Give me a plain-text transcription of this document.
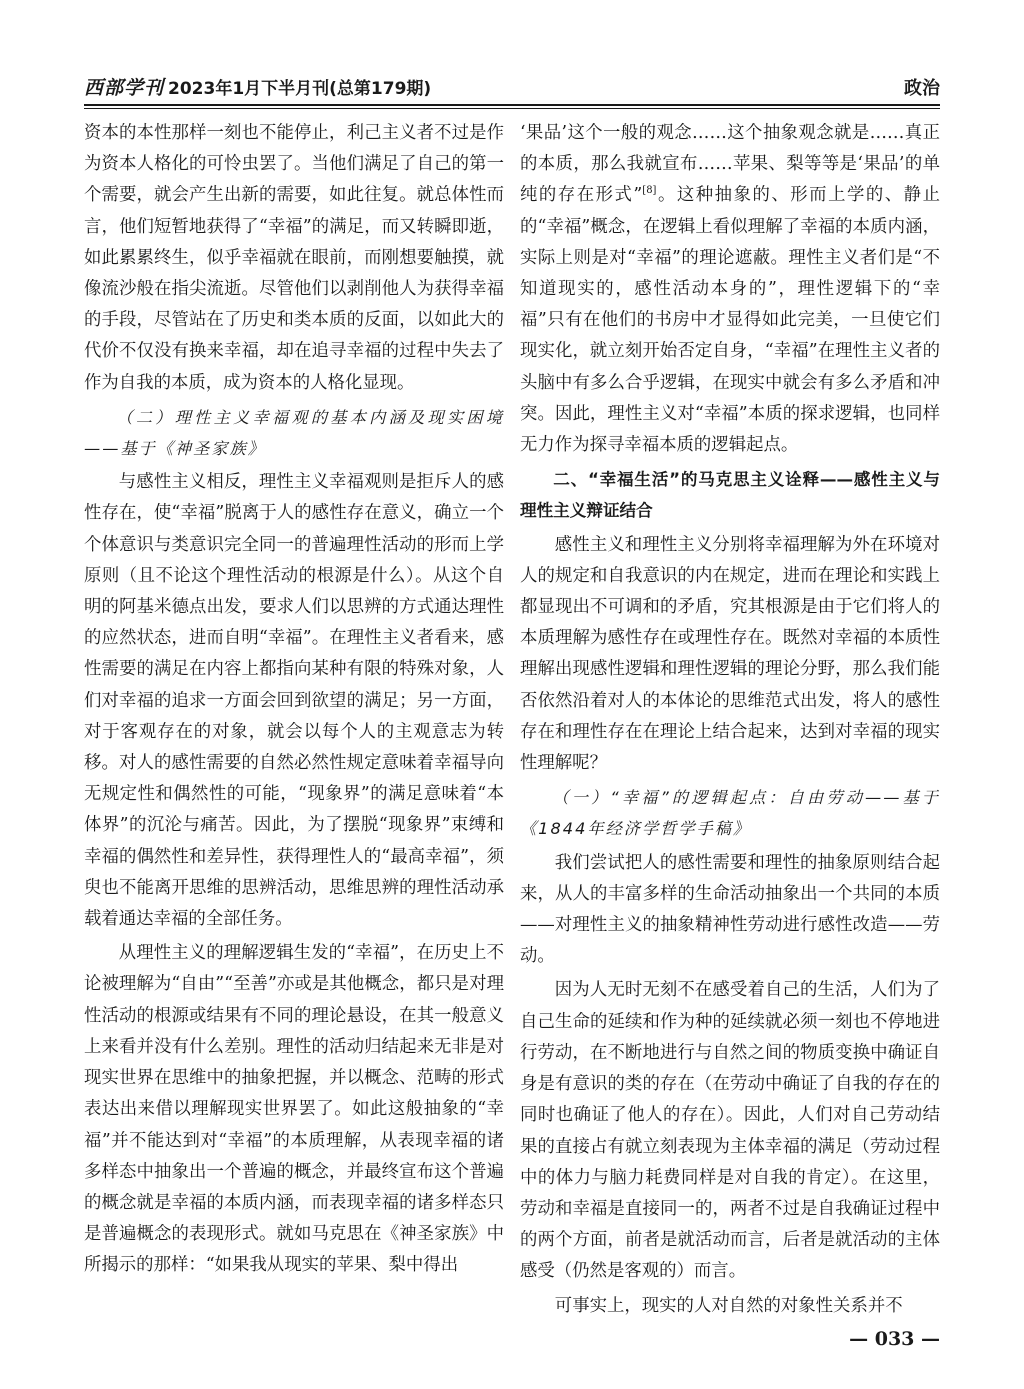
西部学刊 2023年1月下半月刊(总第179期)	政治

资本的本性那样一刻也不能停止，利己主义者不过是作为资本人格化的可怜虫罢了。当他们满足了自己的第一个需要，就会产生出新的需要，如此往复。就总体性而言，他们短暂地获得了“幸福”的满足，而又转瞬即逝，如此累累终生，似乎幸福就在眼前，而刚想要触摸，就像流沙般在指尖流逝。尽管他们以剥削他人为获得幸福的手段，尽管站在了历史和类本质的反面，以如此大的代价不仅没有换来幸福，却在追寻幸福的过程中失去了作为自我的本质，成为资本的人格化显现。

（二）理性主义幸福观的基本内涵及现实困境——基于《神圣家族》

与感性主义相反，理性主义幸福观则是拒斥人的感性存在，使“幸福”脱离于人的感性存在意义，确立一个个体意识与类意识完全同一的普遍理性活动的形而上学原则（且不论这个理性活动的根源是什么）。从这个自明的阿基米德点出发，要求人们以思辨的方式通达理性的应然状态，进而自明“幸福”。在理性主义者看来，感性需要的满足在内容上都指向某种有限的特殊对象，人们对幸福的追求一方面会回到欲望的满足；另一方面，对于客观存在的对象，就会以每个人的主观意志为转移。对人的感性需要的自然必然性规定意味着幸福导向无规定性和偶然性的可能，“现象界”的满足意味着“本体界”的沉沦与痛苦。因此，为了摆脱“现象界”束缚和幸福的偶然性和差异性，获得理性人的“最高幸福”，须臾也不能离开思维的思辨活动，思维思辨的理性活动承载着通达幸福的全部任务。

从理性主义的理解逻辑生发的“幸福”，在历史上不论被理解为“自由”“至善”亦或是其他概念，都只是对理性活动的根源或结果有不同的理论悬设，在其一般意义上来看并没有什么差别。理性的活动归结起来无非是对现实世界在思维中的抽象把握，并以概念、范畴的形式表达出来借以理解现实世界罢了。如此这般抽象的“幸福”并不能达到对“幸福”的本质理解，从表现幸福的诸多样态中抽象出一个普遍的概念，并最终宣布这个普遍的概念就是幸福的本质内涵，而表现幸福的诸多样态只是普遍概念的表现形式。就如马克思在《神圣家族》中所揭示的那样：“如果我从现实的苹果、梨中得出

‘果品’这个一般的观念……这个抽象观念就是……真正的本质，那么我就宣布……苹果、梨等等是‘果品’的单纯的存在形式”[8]。这种抽象的、形而上学的、静止的“幸福”概念，在逻辑上看似理解了幸福的本质内涵，实际上则是对“幸福”的理论遮蔽。理性主义者们是“不知道现实的，感性活动本身的”，理性逻辑下的“幸福”只有在他们的书房中才显得如此完美，一旦使它们现实化，就立刻开始否定自身，“幸福”在理性主义者的头脑中有多么合乎逻辑，在现实中就会有多么矛盾和冲突。因此，理性主义对“幸福”本质的探求逻辑，也同样无力作为探寻幸福本质的逻辑起点。

二、“幸福生活”的马克思主义诠释——感性主义与理性主义辩证结合

感性主义和理性主义分别将幸福理解为外在环境对人的规定和自我意识的内在规定，进而在理论和实践上都显现出不可调和的矛盾，究其根源是由于它们将人的本质理解为感性存在或理性存在。既然对幸福的本质性理解出现感性逻辑和理性逻辑的理论分野，那么我们能否依然沿着对人的本体论的思维范式出发，将人的感性存在和理性存在在理论上结合起来，达到对幸福的现实性理解呢？

（一）“幸福”的逻辑起点：自由劳动——基于《1844年经济学哲学手稿》

我们尝试把人的感性需要和理性的抽象原则结合起来，从人的丰富多样的生命活动抽象出一个共同的本质——对理性主义的抽象精神性劳动进行感性改造——劳动。

因为人无时无刻不在感受着自己的生活，人们为了自己生命的延续和作为种的延续就必须一刻也不停地进行劳动，在不断地进行与自然之间的物质变换中确证自身是有意识的类的存在（在劳动中确证了自我的存在的同时也确证了他人的存在）。因此，人们对自己劳动结果的直接占有就立刻表现为主体幸福的满足（劳动过程中的体力与脑力耗费同样是对自我的肯定）。在这里，劳动和幸福是直接同一的，两者不过是自我确证过程中的两个方面，前者是就活动而言，后者是就活动的主体感受（仍然是客观的）而言。

可事实上，现实的人对自然的对象性关系并不

— 033 —
